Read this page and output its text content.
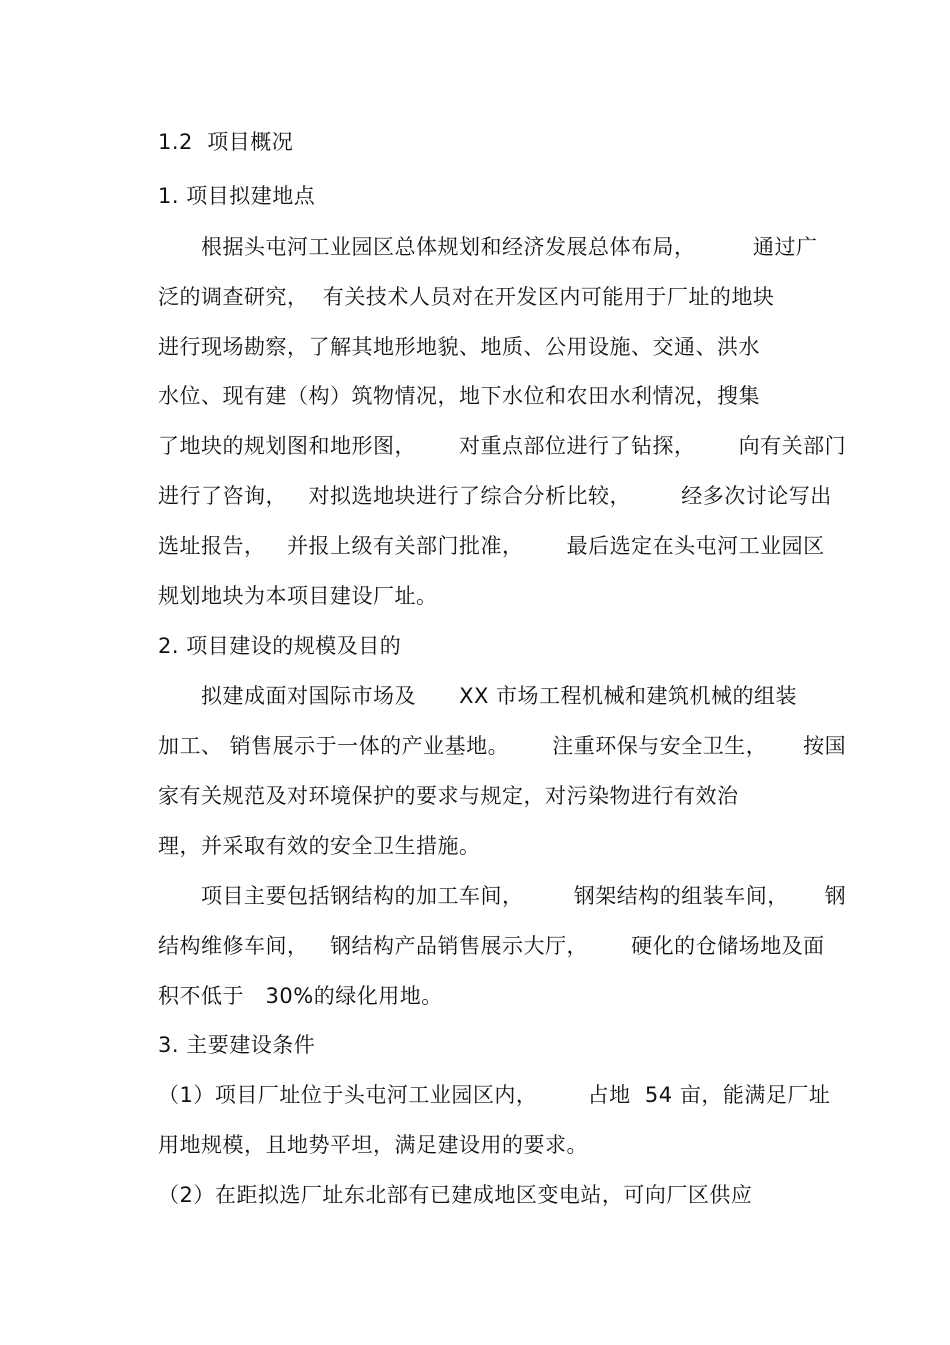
1.2  项目概况
1. 项目拟建地点
根据头屯河工业园区总体规划和经济发展总体布局，        通过广
泛的调查研究，  有关技术人员对在开发区内可能用于厂址的地块
进行现场勘察，了解其地形地貌、地质、公用设施、交通、洪水
水位、现有建（构）筑物情况，地下水位和农田水利情况，搜集
了地块的规划图和地形图，      对重点部位进行了钻探，      向有关部门
进行了咨询，   对拟选地块进行了综合分析比较，       经多次讨论写出
选址报告，   并报上级有关部门批准，      最后选定在头屯河工业园区
规划地块为本项目建设厂址。
2. 项目建设的规模及目的
拟建成面对国际市场及      XX 市场工程机械和建筑机械的组装
加工、 销售展示于一体的产业基地。      注重环保与安全卫生，     按国
家有关规范及对环境保护的要求与规定，对污染物进行有效治
理，并采取有效的安全卫生措施。
项目主要包括钢结构的加工车间，       钢架结构的组装车间，     钢
结构维修车间，   钢结构产品销售展示大厅，      硬化的仓储场地及面
积不低于   30%的绿化用地。
3. 主要建设条件
（1）项目厂址位于头屯河工业园区内，       占地  54 亩，能满足厂址
用地规模，且地势平坦，满足建设用的要求。
（2）在距拟选厂址东北部有已建成地区变电站，可向厂区供应
